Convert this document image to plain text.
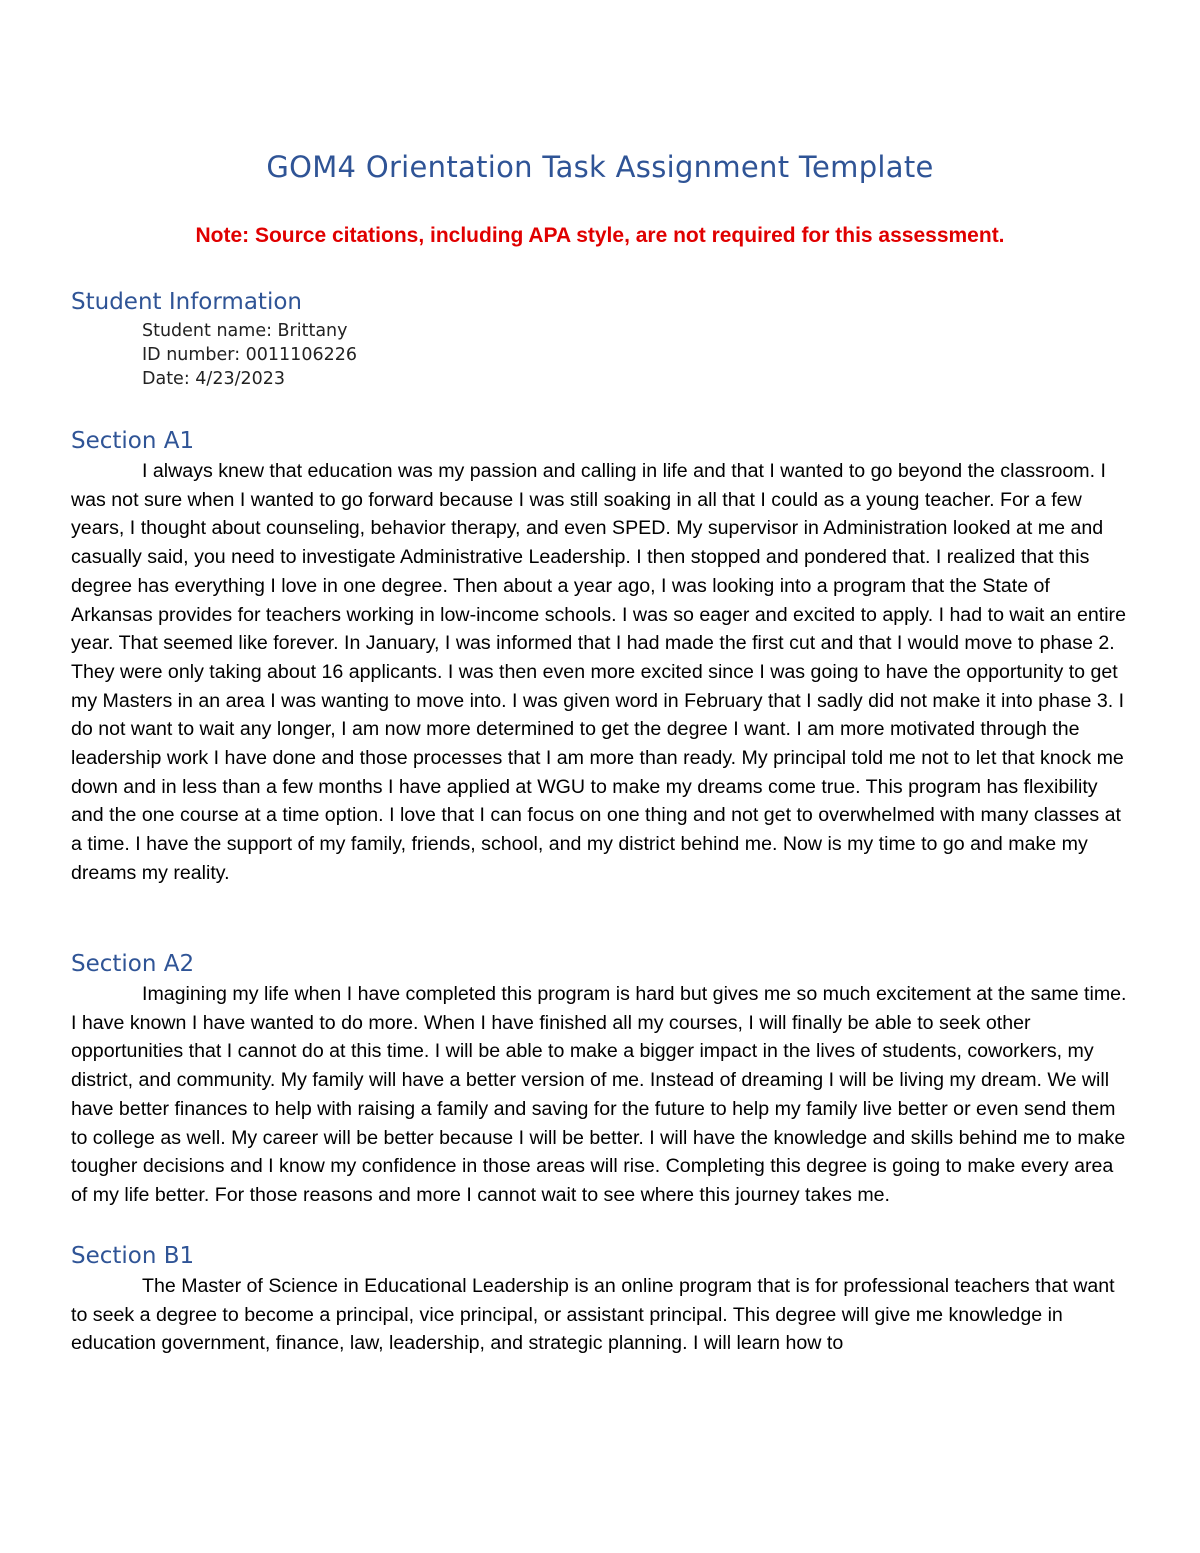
GOM4 Orientation Task Assignment Template
Note: Source citations, including APA style, are not required for this assessment.
Student Information
Student name: Brittany
ID number: 0011106226
Date: 4/23/2023
Section A1

I always knew that education was my passion and calling in life and that I wanted to go beyond the classroom. I was not sure when I wanted to go forward because I was still soaking in all that I could as a young teacher. For a few years, I thought about counseling, behavior therapy, and even SPED. My supervisor in Administration looked at me and casually said, you need to investigate Administrative Leadership. I then stopped and pondered that. I realized that this degree has everything I love in one degree. Then about a year ago, I was looking into a program that the State of Arkansas provides for teachers working in low-income schools. I was so eager and excited to apply. I had to wait an entire year. That seemed like forever. In January, I was informed that I had made the first cut and that I would move to phase 2. They were only taking about 16 applicants. I was then even more excited since I was going to have the opportunity to get my Masters in an area I was wanting to move into. I was given word in February that I sadly did not make it into phase 3. I do not want to wait any longer, I am now more determined to get the degree I want. I am more motivated through the leadership work I have done and those processes that I am more than ready. My principal told me not to let that knock me down and in less than a few months I have applied at WGU to make my dreams come true. This program has flexibility and the one course at a time option. I love that I can focus on one thing and not get to overwhelmed with many classes at a time. I have the support of my family, friends, school, and my district behind me. Now is my time to go and make my dreams my reality.

Section A2

Imagining my life when I have completed this program is hard but gives me so much excitement at the same time. I have known I have wanted to do more. When I have finished all my courses, I will finally be able to seek other opportunities that I cannot do at this time. I will be able to make a bigger impact in the lives of students, coworkers, my district, and community. My family will have a better version of me. Instead of dreaming I will be living my dream. We will have better finances to help with raising a family and saving for the future to help my family live better or even send them to college as well. My career will be better because I will be better. I will have the knowledge and skills behind me to make tougher decisions and I know my confidence in those areas will rise. Completing this degree is going to make every area of my life better. For those reasons and more I cannot wait to see where this journey takes me.

Section B1

The Master of Science in Educational Leadership is an online program that is for professional teachers that want to seek a degree to become a principal, vice principal, or assistant principal. This degree will give me knowledge in education government, finance, law, leadership, and strategic planning. I will learn how to
